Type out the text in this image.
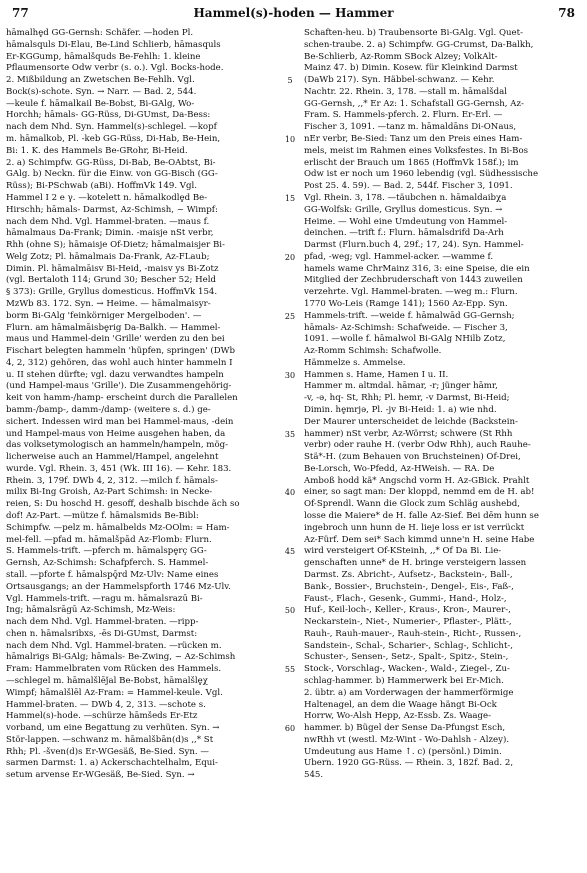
77	Hammel(s)-hoden — Hammer	78
hāmalhe̥d GG-Gernsh: Schäfer. —hoden Pl.
hāmalsquls Di-Elau, Be-Lind Schlierb, hāmasquls
Er-KGGump, hāmalšquds Be-Fehlh: 1. kleine
Pflaumensorte Odw verbr (s. o.). Vgl. Bocks-hode.
2. Mißbildung an Zwetschen Be-Fehlh. Vgl.
Bock(s)-schote. Syn. → Narr. — Bad. 2, 544.
—keule f. hāmalkail Be-Bobst, Bi-GAlg, Wo-
Horchh; hāmals- GG-Rüss, Di-GUmst, Da-Bess:
nach dem Nhd. Syn. Hammel(s)-schlegel. —kopf
m. hāmalkob, Pl. -keb GG-Rüss, Di-Hab, Be-Hein,
Bi: 1. K. des Hammels Be-GRohr, Bi-Heid.
2. a) Schimpfw. GG-Rüss, Di-Bab, Be-OAbtst, Bi-
GAlg. b) Neckn. für die Einw. von GG-Bisch (GG-
Rüss); Bi-PSchwab (aBi). HoffmVk 149. Vgl.
Hammel I 2 e γ. —kotelett n. hāmalkodle̥d Be-
Hirschh; hāmals- Darmst, Az-Schimsh, ~ Wimpf:
nach dem Nhd. Vgl. Hammel-braten. —maus f.
hāmalmaus Da-Frank; Dimin. -maisje nSt verbr,
Rhh (ohne S); hāmaisje Of-Dietz; hāmalmaisjer Bi-
Welg Zotz; Pl. hāmalmais Da-Frank, Az-FLaub;
Dimin. Pl. hāmalmāisv Bi-Heid, -maisv ys Bi-Zotz
(vgl. Bertaloth 114; Grund 30; Bescher 52; Held
§ 373): Grille, Gryllus domesticus. HoffmVk 154.
MzWb 83. 172. Syn. → Heime. — hāmalmaisyr-
borm Bi-GAlg 'feinkörniger Mergelboden'. —
Flurn. am hāmalmāisbe̥rig Da-Balkh. — Hammel-
maus und Hammel-dein 'Grille' werden zu den bei
Fischart belegten hammeln 'hüpfen, springen' (DWb
4, 2, 312) gehören, das wohl auch hinter hammeln I
u. II stehen dürfte; vgl. dazu verwandtes hampeln
(und Hampel-maus 'Grille'). Die Zusammengehörig-
keit von hamm-/hamp- erscheint durch die Parallelen
bamm-/bamp-, damm-/damp- (weitere s. d.) ge-
sichert. Indessen wird man bei Hammel-maus, -dein
und Hampel-maus von Heime ausgehen haben, da
das volksetymologisch an hammeln/hampeln, mög-
licherweise auch an Hammel/Hampel, angelehnt
wurde. Vgl. Rhein. 3, 451 (Wk. III 16). — Kehr. 183.
Rhein. 3, 179f. DWb 4, 2, 312. —milch f. hāmals-
milix Bi-Ing Groish, Az-Part Schimsh: in Necke-
reien, S: Du hoschd H. gesoff, deshalb bischde ãch so
dof! Az-Part. —mütze f. hāmalsmids Be-Bibl:
Schimpfw. —pelz m. hāmalbelds Mz-OOlm: = Ham-
mel-fell. —pfad m. hāmalšpād Az-Flomb: Flurn.
S. Hammels-trift. —pferch m. hāmalspe̥rç GG-
Gernsh, Az-Schimsh: Schafpferch. S. Hammel-
stall. —pforte f. hāmalspō̥rd Mz-Ulv: Name eines
Ortsausgangs; an der Hammelspforth 1746 Mz-Ulv.
Vgl. Hammels-trift. —ragu m. hāmalsrazū Bi-
Ing; hāmalsrāgū Az-Schimsh, Mz-Weis:
nach dem Nhd. Vgl. Hammel-braten. —ripp-
chen n. hāmalsribxs, -ēs Di-GUmst, Darmst:
nach dem Nhd. Vgl. Hammel-braten. —rücken m.
hāmalrigs Bi-GAlg; hāmals- Be-Zwing, ~ Az-Schimsh
Fram: Hammelbraten vom Rücken des Hammels.
—schlegel m. hāmalšlēǰal Be-Bobst, hāmalšle̥χ
Wimpf; hāmalšlēl Az-Fram: = Hammel-keule. Vgl.
Hammel-braten. — DWb 4, 2, 313. —schote s.
Hammel(s)-hode. —schürze hāmšeds Er-Etz
vorband, um eine Begattung zu verhüten. Syn. →
Stör-lappen. —schwanz m. hāmalšbān(d)s ,,* St
Rhh; Pl. -šven(d)s Er-WGesäß, Be-Sied. Syn. —
sarmen Darmst: 1. a) Ackerschachtelhalm, Equi-
setum arvense Er-WGesäß, Be-Sied. Syn. →
5
10
15
20
25
30
35
40
45
50
55
60
Schaften-heu. b) Traubensorte Bi-GAlg. Vgl. Quet-
schen-traube. 2. a) Schimpfw. GG-Crumst, Da-Balkh,
Be-Schlierb, Az-Romm SBock Alzey; VolkAlt-
Mainz 47. b) Dimin. Kosew. für Kleinkind Darmst
(DaWb 217). Syn. Häbbel-schwanz. — Kehr.
Nachtr. 22. Rhein. 3, 178. —stall m. hāmalšdal
GG-Gernsh, ,,* Er Az: 1. Schafstall GG-Gernsh, Az-
Fram. S. Hammels-pferch. 2. Flurn. Er-Erl. —
Fischer 3, 1091. —tanz m. hāmaldāns Di-ONaus,
nEr verbr, Be-Sied: Tanz um den Preis eines Ham-
mels, meist im Rahmen eines Volksfestes. In Bi-Bos
erlischt der Brauch um 1865 (HoffmVk 158f.); im
Odw ist er noch um 1960 lebendig (vgl. Südhessische
Post 25. 4. 59). — Bad. 2, 544f. Fischer 3, 1091.
Vgl. Rhein. 3, 178. —täubchen n. hāmaldaiḃχa
GG-Wolfsk: Grille, Gryllus domesticus. Syn. →
Heime. — Wohl eine Umdeutung von Hammel-
deinchen. —trift f.: Flurn. hāmalsdrifd Da-Arh
Darmst (Flurn.buch 4, 29f.; 17, 24). Syn. Hammel-
pfad, -weg; vgl. Hammel-acker. —wamme f.
hamels wame ChrMainz 316, 3: eine Speise, die ein
Mitglied der Zechbruderschaft von 1443 zuweilen
verzehrte. Vgl. Hammel-braten. —weg m.: Flurn.
1770 Wo-Leis (Ramge 141); 1560 Az-Epp. Syn.
Hammels-trift. —weide f. hāmalwād GG-Gernsh;
hāmals- Az-Schimsh: Schafweide. — Fischer 3,
1091. —wolle f. hāmalwol Bi-GAlg NHilb Zotz,
Az-Romm Schimsh: Schafwolle.
Hämmelze s. Ammelse.
Hammen s. Hame, Hamen I u. II.
Hammer m. altmdal. hāmar, -r; jünger hāmr,
-v, -ə, hq- St, Rhh; Pl. hemr, -v Darmst, Bi-Heid;
Dimin. he̥mrjə, Pl. -jv Bi-Heid: 1. a) wie nhd.
Der Maurer unterscheidet de leichde (Backstein-
hammer) nSt verbr, Az-Wörrst; schwere (St Rhh
verbr) oder rauhe H. (verbr Odw Rhh), auch Rauhe-
Stä*-H. (zum Behauen von Bruchsteinen) Of-Drei,
Be-Lorsch, Wo-Pfedd, Az-HWeish. — RA. De
Amboß hodd kã* Ängschd vorm H. Az-GBick. Prahlt
einer, so sagt man: Der kloppd, nemmd em de H. ab!
Of-Sprendl. Wann die Glock zum Schläg aushebd,
losse die Maiere* de H. falle Az-Sief. Bei dēm hunn se
ingebroch unn hunn de H. lieje loss er ist verrückt
Az-Fürf. Dem sei* Sach kimmd unne'n H. seine Habe
wird versteigert Of-KSteinh, ,,* Of Da Bi. Lie-
genschaften unne* de H. bringe versteigern lassen
Darmst. Zs. Abricht-, Aufsetz-, Backstein-, Ball-,
Bank-, Bossier-, Bruchstein-, Dengel-, Eis-, Faß-,
Faust-, Flach-, Gesenk-, Gummi-, Hand-, Holz-,
Huf-, Keil-loch-, Keller-, Kraus-, Kron-, Maurer-,
Neckarstein-, Niet-, Numerier-, Pflaster-, Plätt-,
Rauh-, Rauh-mauer-, Rauh-stein-, Richt-, Russen-,
Sandstein-, Schal-, Scharier-, Schlag-, Schlicht-,
Schuster-, Sensen-, Setz-, Spalt-, Spitz-, Stein-,
Stock-, Vorschlag-, Wacken-, Wald-, Ziegel-, Zu-
schlag-hammer. b) Hammerwerk bei Er-Mich.
2. übtr. a) am Vorderwagen der hammerförmige
Haltenagel, an dem die Waage hängt Bi-Ock
Horrw, Wo-Alsh Hepp, Az-Essb. Zs. Waage-
hammer. b) Bügel der Sense Da-Pfungst Esch,
nwRhh vt (westl. Mz-Wint - Wo-Dahlsh - Alzey).
Umdeutung aus Hame ↑. c) (persönl.) Dimin.
Übern. 1920 GG-Rüss. — Rhein. 3, 182f. Bad. 2,
545.
